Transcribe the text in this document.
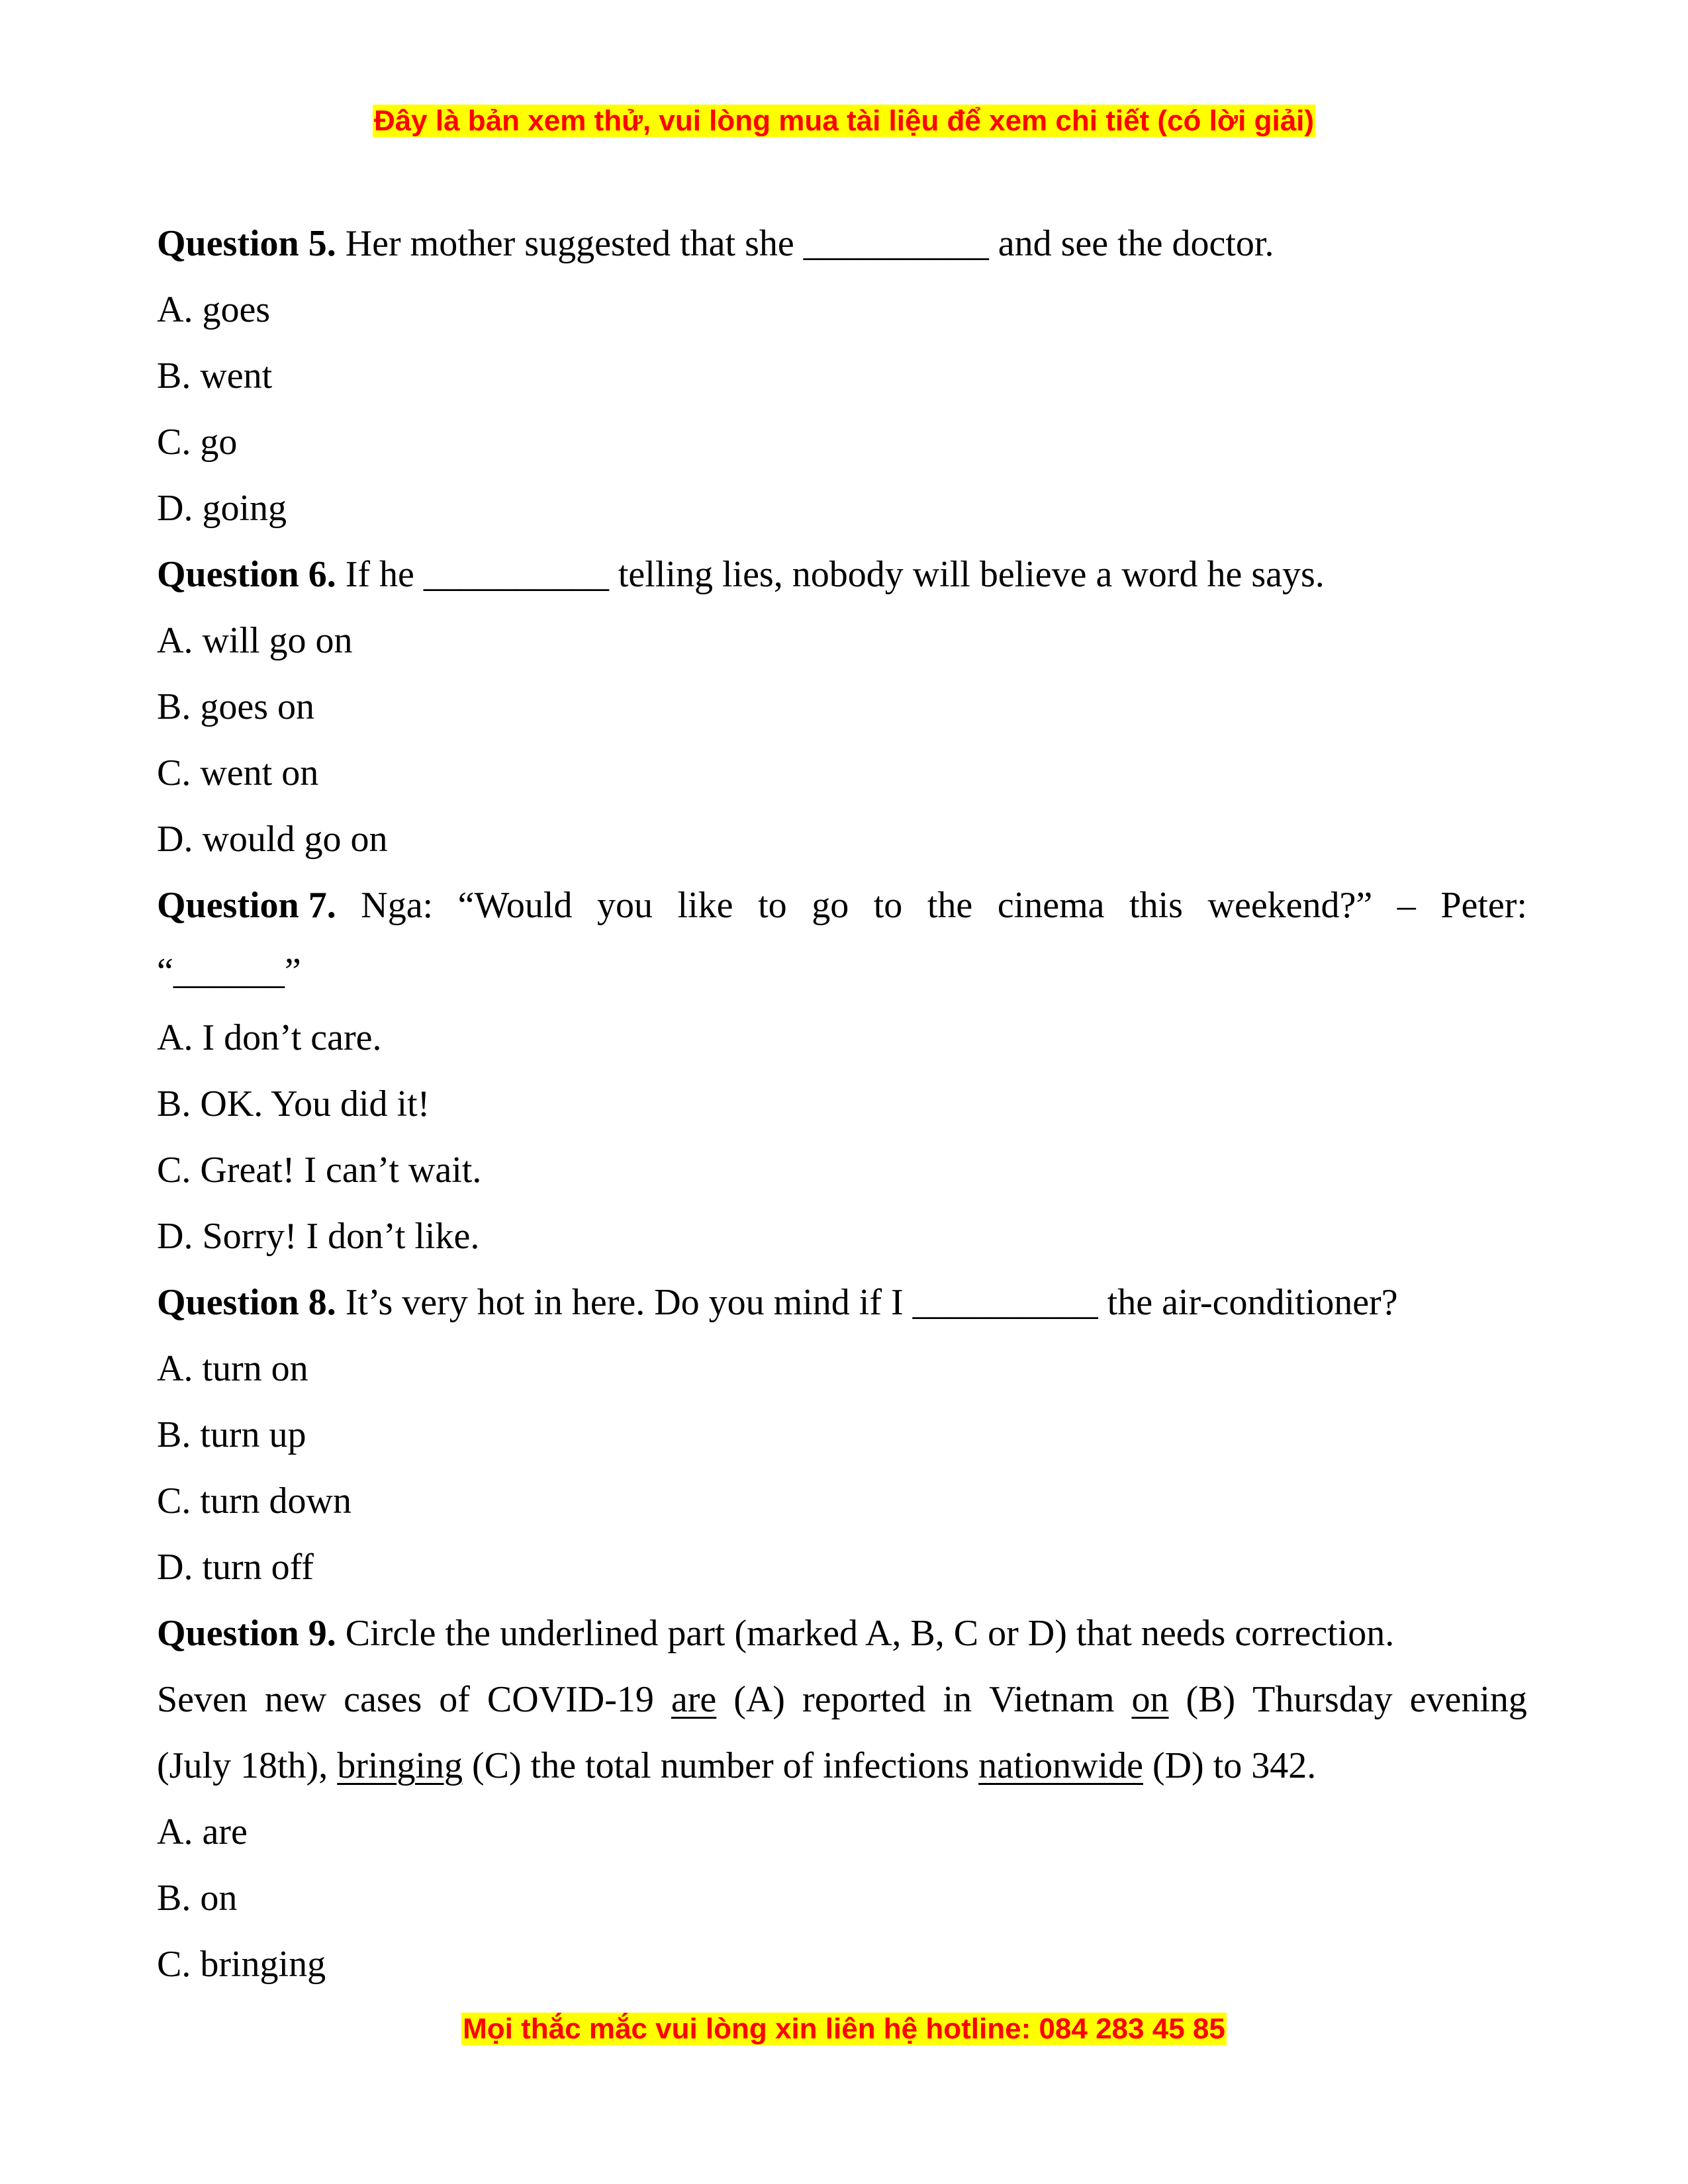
Đây là bản xem thử, vui lòng mua tài liệu để xem chi tiết (có lời giải)
Question 5. Her mother suggested that she __________ and see the doctor.
A. goes
B. went
C. go
D. going
Question 6. If he __________ telling lies, nobody will believe a word he says.
A. will go on
B. goes on
C. went on
D. would go on
Question 7. Nga: “Would you like to go to the cinema this weekend?” – Peter:
“______”
A. I don’t care.
B. OK. You did it!
C. Great! I can’t wait.
D. Sorry! I don’t like.
Question 8. It’s very hot in here. Do you mind if I __________ the air-conditioner?
A. turn on
B. turn up
C. turn down
D. turn off
Question 9. Circle the underlined part (marked A, B, C or D) that needs correction.
Seven new cases of COVID-19 are (A) reported in Vietnam on (B) Thursday evening
(July 18th), bringing (C) the total number of infections nationwide (D) to 342.
A. are
B. on
C. bringing
Mọi thắc mắc vui lòng xin liên hệ hotline: 084 283 45 85
